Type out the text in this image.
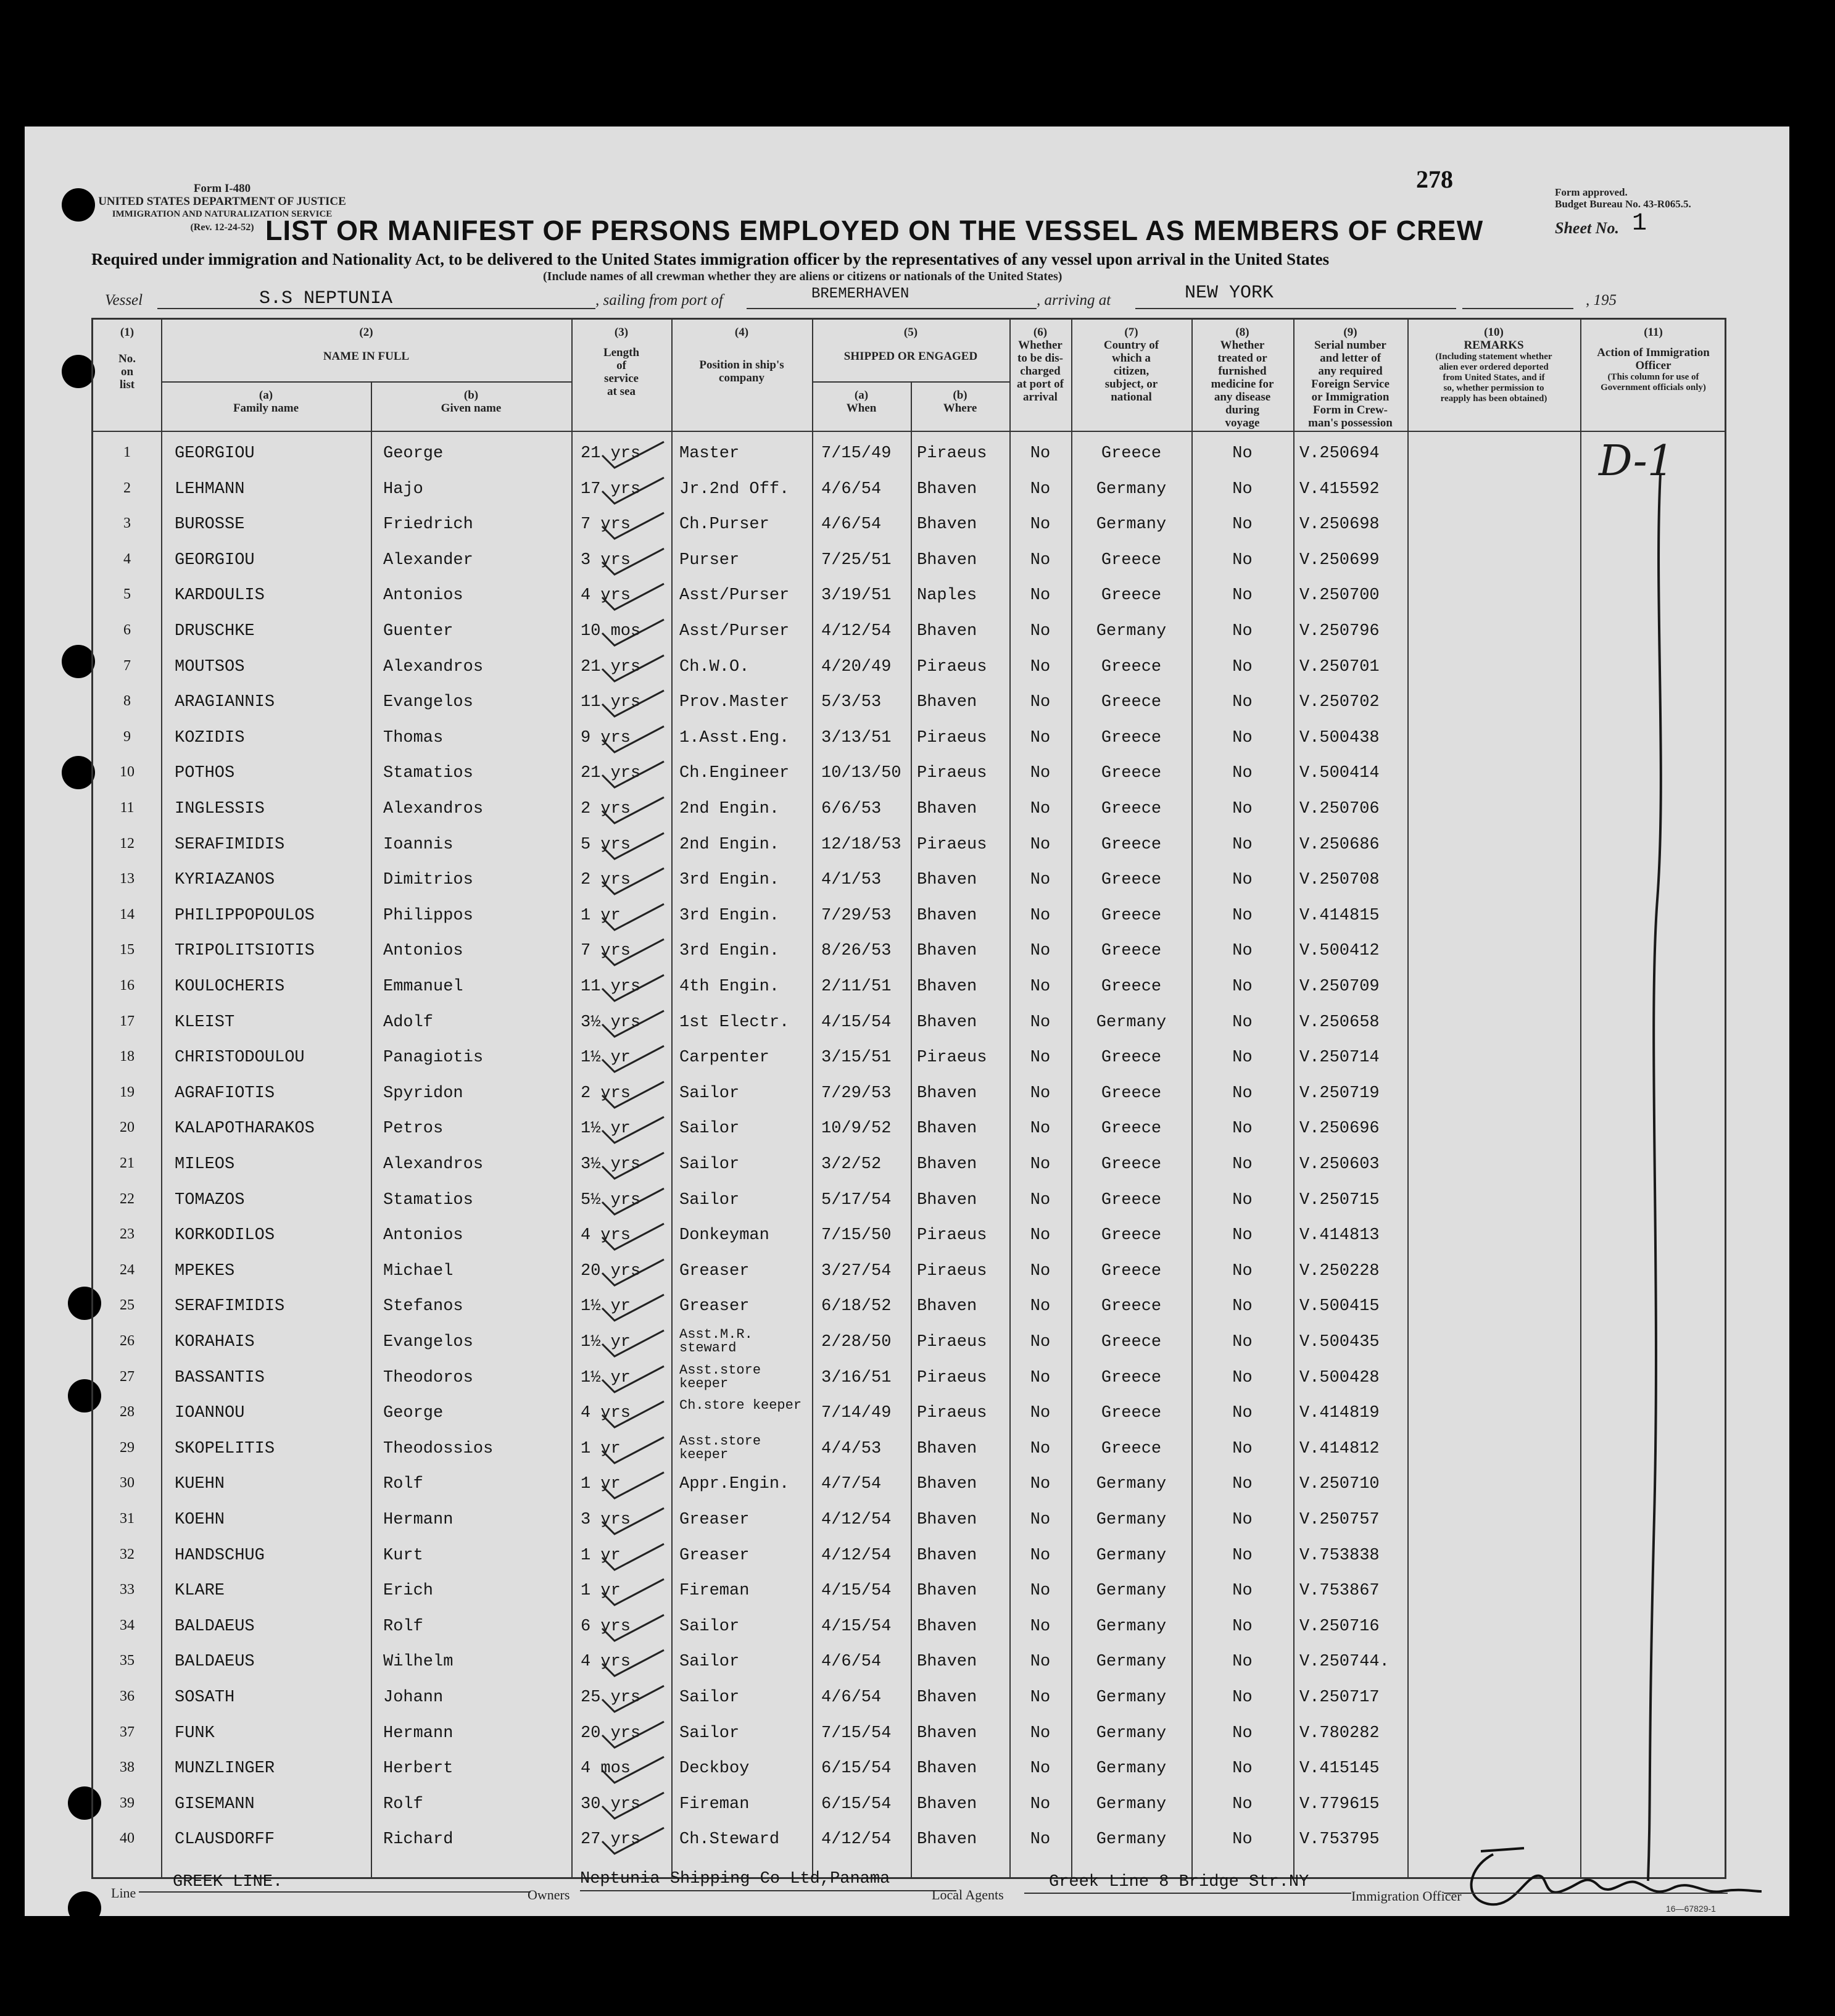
Form I-480
UNITED STATES DEPARTMENT OF JUSTICE
IMMIGRATION AND NATURALIZATION SERVICE
(Rev. 12-24-52)
278	Form approved.
Budget Bureau No. 43-R065.5.
LIST OR MANIFEST OF PERSONS EMPLOYED ON THE VESSEL AS MEMBERS OF CREW	Sheet No. 1
Required under immigration and Nationality Act, to be delivered to the United States immigration officer by the representatives of any vessel upon arrival in the United States
(Include names of all crewman whether they are aliens or citizens or nationals of the United States)
Vessel	S.S NEPTUNIA	, sailing from port of	BREMERHAVEN	, arriving at	NEW YORK	, 195
(1)
No.
on
list
(2)
NAME IN FULL
(a)
Family name
(b)
Given name
(3)
Length
of
service
at sea
(4)
Position in ship's
company
(5)
SHIPPED OR ENGAGED
(a)
When
(b)
Where
(6)
Whether
to be dis-
charged
at port of
arrival
(7)
Country of
which a
citizen,
subject, or
national
(8)
Whether
treated or
furnished
medicine for
any disease
during
voyage
(9)
Serial number
and letter of
any required
Foreign Service
or Immigration
Form in Crew-
man's possession
(10)
REMARKS
(Including statement whether
alien ever ordered deported
from United States, and if
so, whether permission to
reapply has been obtained)
(11)
Action of Immigration
Officer
(This column for use of
Government officials only)
1	GEORGIOU	George	21 yrs Master	7/15/49 Piraeus	No	Greece	No	V.250694
2	LEHMANN	Hajo	17 yrs Jr.2nd Off. 4/6/54 Bhaven	No	Germany	No	V.415592
3	BUROSSE	Friedrich	7 yrs	Ch.Purser	4/6/54 Bhaven	No	Germany	No	V.250698
4	GEORGIOU	Alexander	3 yrs	Purser	7/25/51 Bhaven	No	Greece	No	V.250699
5	KARDOULIS	Antonios	4 yrs	Asst/Purser 3/19/51 Naples	No	Greece	No	V.250700
6	DRUSCHKE	Guenter	10 mos Asst/Purser 4/12/54 Bhaven	No	Germany	No	V.250796
7	MOUTSOS	Alexandros	21 yrs Ch.W.O.	4/20/49 Piraeus	No	Greece	No	V.250701
8	ARAGIANNIS	Evangelos	11 yrs Prov.Master 5/3/53 Bhaven	No	Greece	No	V.250702
9	KOZIDIS	Thomas	9 yrs	1.Asst.Eng. 3/13/51 Piraeus	No	Greece	No	V.500438
10	POTHOS	Stamatios	21 yrs Ch.Engineer 10/13/50 Piraeus	No	Greece	No	V.500414
11	INGLESSIS	Alexandros	2 yrs	2nd Engin.	6/6/53 Bhaven	No	Greece	No	V.250706
12	SERAFIMIDIS	Ioannis	5 yrs	2nd Engin.	12/18/53 Piraeus	No	Greece	No	V.250686
13	KYRIAZANOS	Dimitrios	2 yrs	3rd Engin.	4/1/53 Bhaven	No	Greece	No	V.250708
14	PHILIPPOPOULOS	Philippos	1 yr	3rd Engin.	7/29/53 Bhaven	No	Greece	No	V.414815
15	TRIPOLITSIOTIS	Antonios	7 yrs	3rd Engin.	8/26/53 Bhaven	No	Greece	No	V.500412
16	KOULOCHERIS	Emmanuel	11 yrs 4th Engin.	2/11/51 Bhaven	No	Greece	No	V.250709
17	KLEIST	Adolf	3½ yrs 1st Electr. 4/15/54 Bhaven	No	Germany	No	V.250658
18	CHRISTODOULOU	Panagiotis	1½ yr	Carpenter	3/15/51 Piraeus	No	Greece	No	V.250714
19	AGRAFIOTIS	Spyridon	2 yrs	Sailor	7/29/53 Bhaven	No	Greece	No	V.250719
20	KALAPOTHARAKOS	Petros	1½ yr	Sailor	10/9/52 Bhaven	No	Greece	No	V.250696
21	MILEOS	Alexandros	3½ yrs Sailor	3/2/52 Bhaven	No	Greece	No	V.250603
22	TOMAZOS	Stamatios	5½ yrs Sailor	5/17/54 Bhaven	No	Greece	No	V.250715
23	KORKODILOS	Antonios	4 yrs	Donkeyman	7/15/50 Piraeus	No	Greece	No	V.414813
24	MPEKES	Michael	20 yrs Greaser	3/27/54 Piraeus	No	Greece	No	V.250228
25	SERAFIMIDIS	Stefanos	1½ yr	Greaser	6/18/52 Bhaven	No	Greece	No	V.500415
26	KORAHAIS	Evangelos	1½ yr	Asst.M.R. steward	2/28/50 Piraeus	No	Greece	No	V.500435
27	BASSANTIS	Theodoros	1½ yr	Asst.store keeper	3/16/51 Piraeus	No	Greece	No	V.500428
28	IOANNOU	George	4 yrs	Ch.store keeper	7/14/49 Piraeus	No	Greece	No	V.414819
29	SKOPELITIS	Theodossios	1 yr	Asst.store keeper	4/4/53 Bhaven	No	Greece	No	V.414812
30	KUEHN	Rolf	1 yr	Appr.Engin. 4/7/54 Bhaven	No	Germany	No	V.250710
31	KOEHN	Hermann	3 yrs	Greaser	4/12/54 Bhaven	No	Germany	No	V.250757
32	HANDSCHUG	Kurt	1 yr	Greaser	4/12/54 Bhaven	No	Germany	No	V.753838
33	KLARE	Erich	1 yr	Fireman	4/15/54 Bhaven	No	Germany	No	V.753867
34	BALDAEUS	Rolf	6 yrs	Sailor	4/15/54 Bhaven	No	Germany	No	V.250716
35	BALDAEUS	Wilhelm	4 yrs	Sailor	4/6/54 Bhaven	No	Germany	No	V.250744.
36	SOSATH	Johann	25 yrs Sailor	4/6/54 Bhaven	No	Germany	No	V.250717
37	FUNK	Hermann	20 yrs Sailor	7/15/54 Bhaven	No	Germany	No	V.780282
38	MUNZLINGER	Herbert	4 mos	Deckboy	6/15/54 Bhaven	No	Germany	No	V.415145
39	GISEMANN	Rolf	30 yrs Fireman	6/15/54 Bhaven	No	Germany	No	V.779615
40	CLAUSDORFF	Richard	27 yrs Ch.Steward	4/12/54 Bhaven	No	Germany	No	V.753795
D-1
Line
GREEK LINE.
Owners
Neptunia Shipping Co Ltd,Panama
Local Agents
Greek Line 8 Bridge Str.NY
Immigration Officer
16—67829-1
